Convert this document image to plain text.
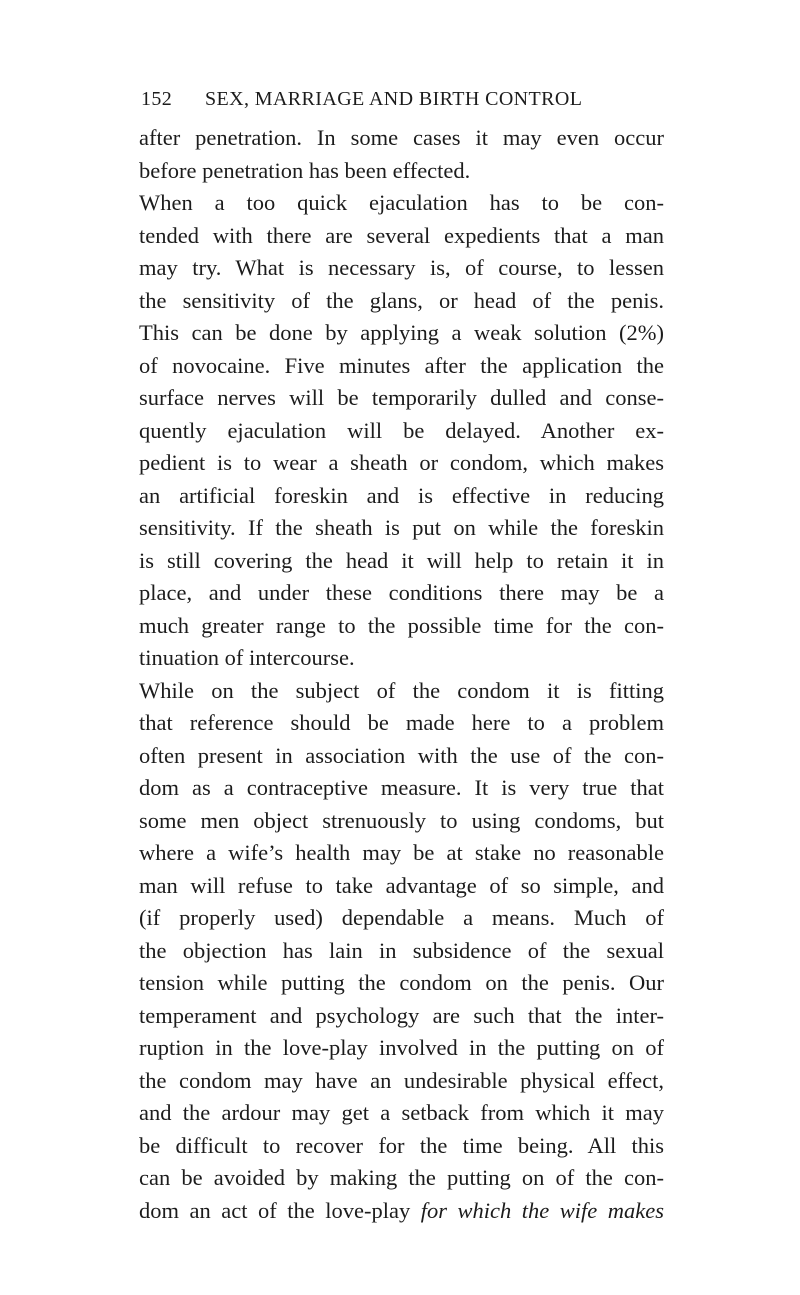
152 SEX, MARRIAGE AND BIRTH CONTROL
after penetration. In some cases it may even occur
before penetration has been effected.
When a too quick ejaculation has to be con-
tended with there are several expedients that a man
may try. What is necessary is, of course, to lessen
the sensitivity of the glans, or head of the penis.
This can be done by applying a weak solution (2%)
of novocaine. Five minutes after the application the
surface nerves will be temporarily dulled and conse-
quently ejaculation will be delayed. Another ex-
pedient is to wear a sheath or condom, which makes
an artificial foreskin and is effective in reducing
sensitivity. If the sheath is put on while the foreskin
is still covering the head it will help to retain it in
place, and under these conditions there may be a
much greater range to the possible time for the con-
tinuation of intercourse.
While on the subject of the condom it is fitting
that reference should be made here to a problem
often present in association with the use of the con-
dom as a contraceptive measure. It is very true that
some men object strenuously to using condoms, but
where a wife’s health may be at stake no reasonable
man will refuse to take advantage of so simple, and
(if properly used) dependable a means. Much of
the objection has lain in subsidence of the sexual
tension while putting the condom on the penis. Our
temperament and psychology are such that the inter-
ruption in the love-play involved in the putting on of
the condom may have an undesirable physical effect,
and the ardour may get a setback from which it may
be difficult to recover for the time being. All this
can be avoided by making the putting on of the con-
dom an act of the love-play for which the wife makes
